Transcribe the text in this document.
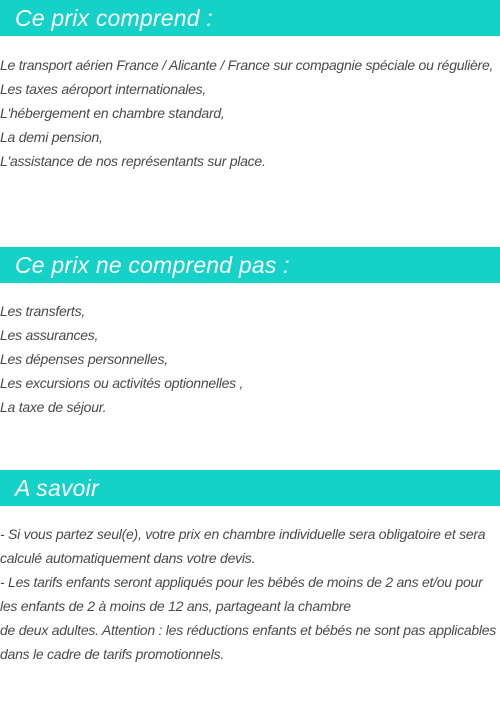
Ce prix comprend :
Le transport aérien France / Alicante / France sur compagnie spéciale ou régulière,
Les taxes aéroport internationales,
L'hébergement en chambre standard,
La demi pension,
L'assistance de nos représentants sur place.
Ce prix ne comprend pas :
Les transferts,
Les assurances,
Les dépenses personnelles,
Les excursions ou activités optionnelles ,
La taxe de séjour.
A savoir
- Si vous partez seul(e), votre prix en chambre individuelle sera obligatoire et sera calculé automatiquement dans votre devis.
- Les tarifs enfants seront appliqués pour les bébés de moins de 2 ans et/ou pour les enfants de 2 à moins de 12 ans, partageant la chambre
de deux adultes. Attention : les réductions enfants et bébés ne sont pas applicables dans le cadre de tarifs promotionnels.
